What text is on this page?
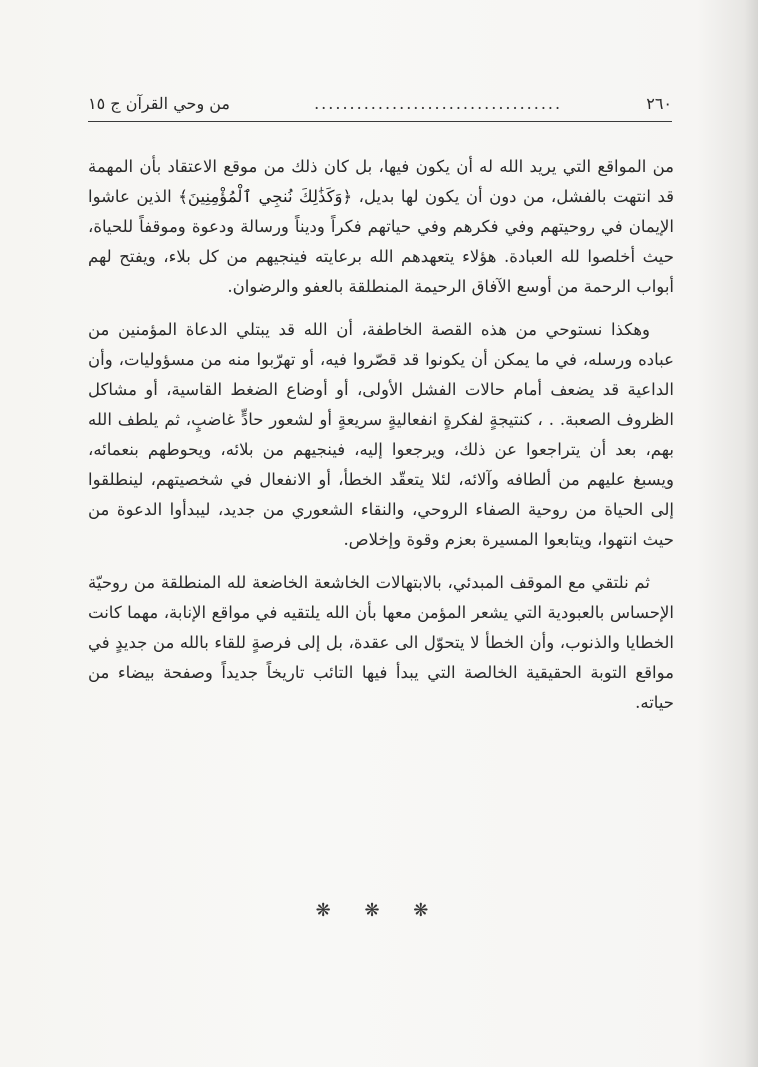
٢٦٠
...................................
من وحي القرآن ج ١٥

من المواقع التي يريد الله له أن يكون فيها، بل كان ذلك من موقع الاعتقاد بأن المهمة قد انتهت بالفشل، من دون أن يكون لها بديل، ﴿وَكَذَٰلِكَ نُنجِي ٱلْمُؤْمِنِينَ﴾ الذين عاشوا الإيمان في روحيتهم وفي فكرهم وفي حياتهم فكراً وديناً ورسالة ودعوة وموقفاً للحياة، حيث أخلصوا لله العبادة. هؤلاء يتعهدهم الله برعايته فينجيهم من كل بلاء، ويفتح لهم أبواب الرحمة من أوسع الآفاق الرحيمة المنطلقة بالعفو والرضوان.

وهكذا نستوحي من هذه القصة الخاطفة، أن الله قد يبتلي الدعاة المؤمنين من عباده ورسله، في ما يمكن أن يكونوا قد قصّروا فيه، أو تهرّبوا منه من مسؤوليات، وأن الداعية قد يضعف أمام حالات الفشل الأولى، أو أوضاع الضغط القاسية، أو مشاكل الظروف الصعبة. . ، كنتيجةٍ لفكرةٍ انفعاليةٍ سريعةٍ أو لشعور حادٍّ غاضبٍ، ثم يلطف الله بهم، بعد أن يتراجعوا عن ذلك، ويرجعوا إليه، فينجيهم من بلائه، ويحوطهم بنعمائه، ويسبغ عليهم من ألطافه وآلائه، لئلا يتعقّد الخطأ، أو الانفعال في شخصيتهم، لينطلقوا إلى الحياة من روحية الصفاء الروحي، والنقاء الشعوري من جديد، ليبدأوا الدعوة من حيث انتهوا، ويتابعوا المسيرة بعزم وقوة وإخلاص.

ثم نلتقي مع الموقف المبدئي، بالابتهالات الخاشعة الخاضعة لله المنطلقة من روحيّة الإحساس بالعبودية التي يشعر المؤمن معها بأن الله يلتقيه في مواقع الإنابة، مهما كانت الخطايا والذنوب، وأن الخطأ لا يتحوّل الى عقدة، بل إلى فرصةٍ للقاء بالله من جديدٍ في مواقع التوبة الحقيقية الخالصة التي يبدأ فيها التائب تاريخاً جديداً وصفحة بيضاء من حياته.

❋ ❋ ❋
